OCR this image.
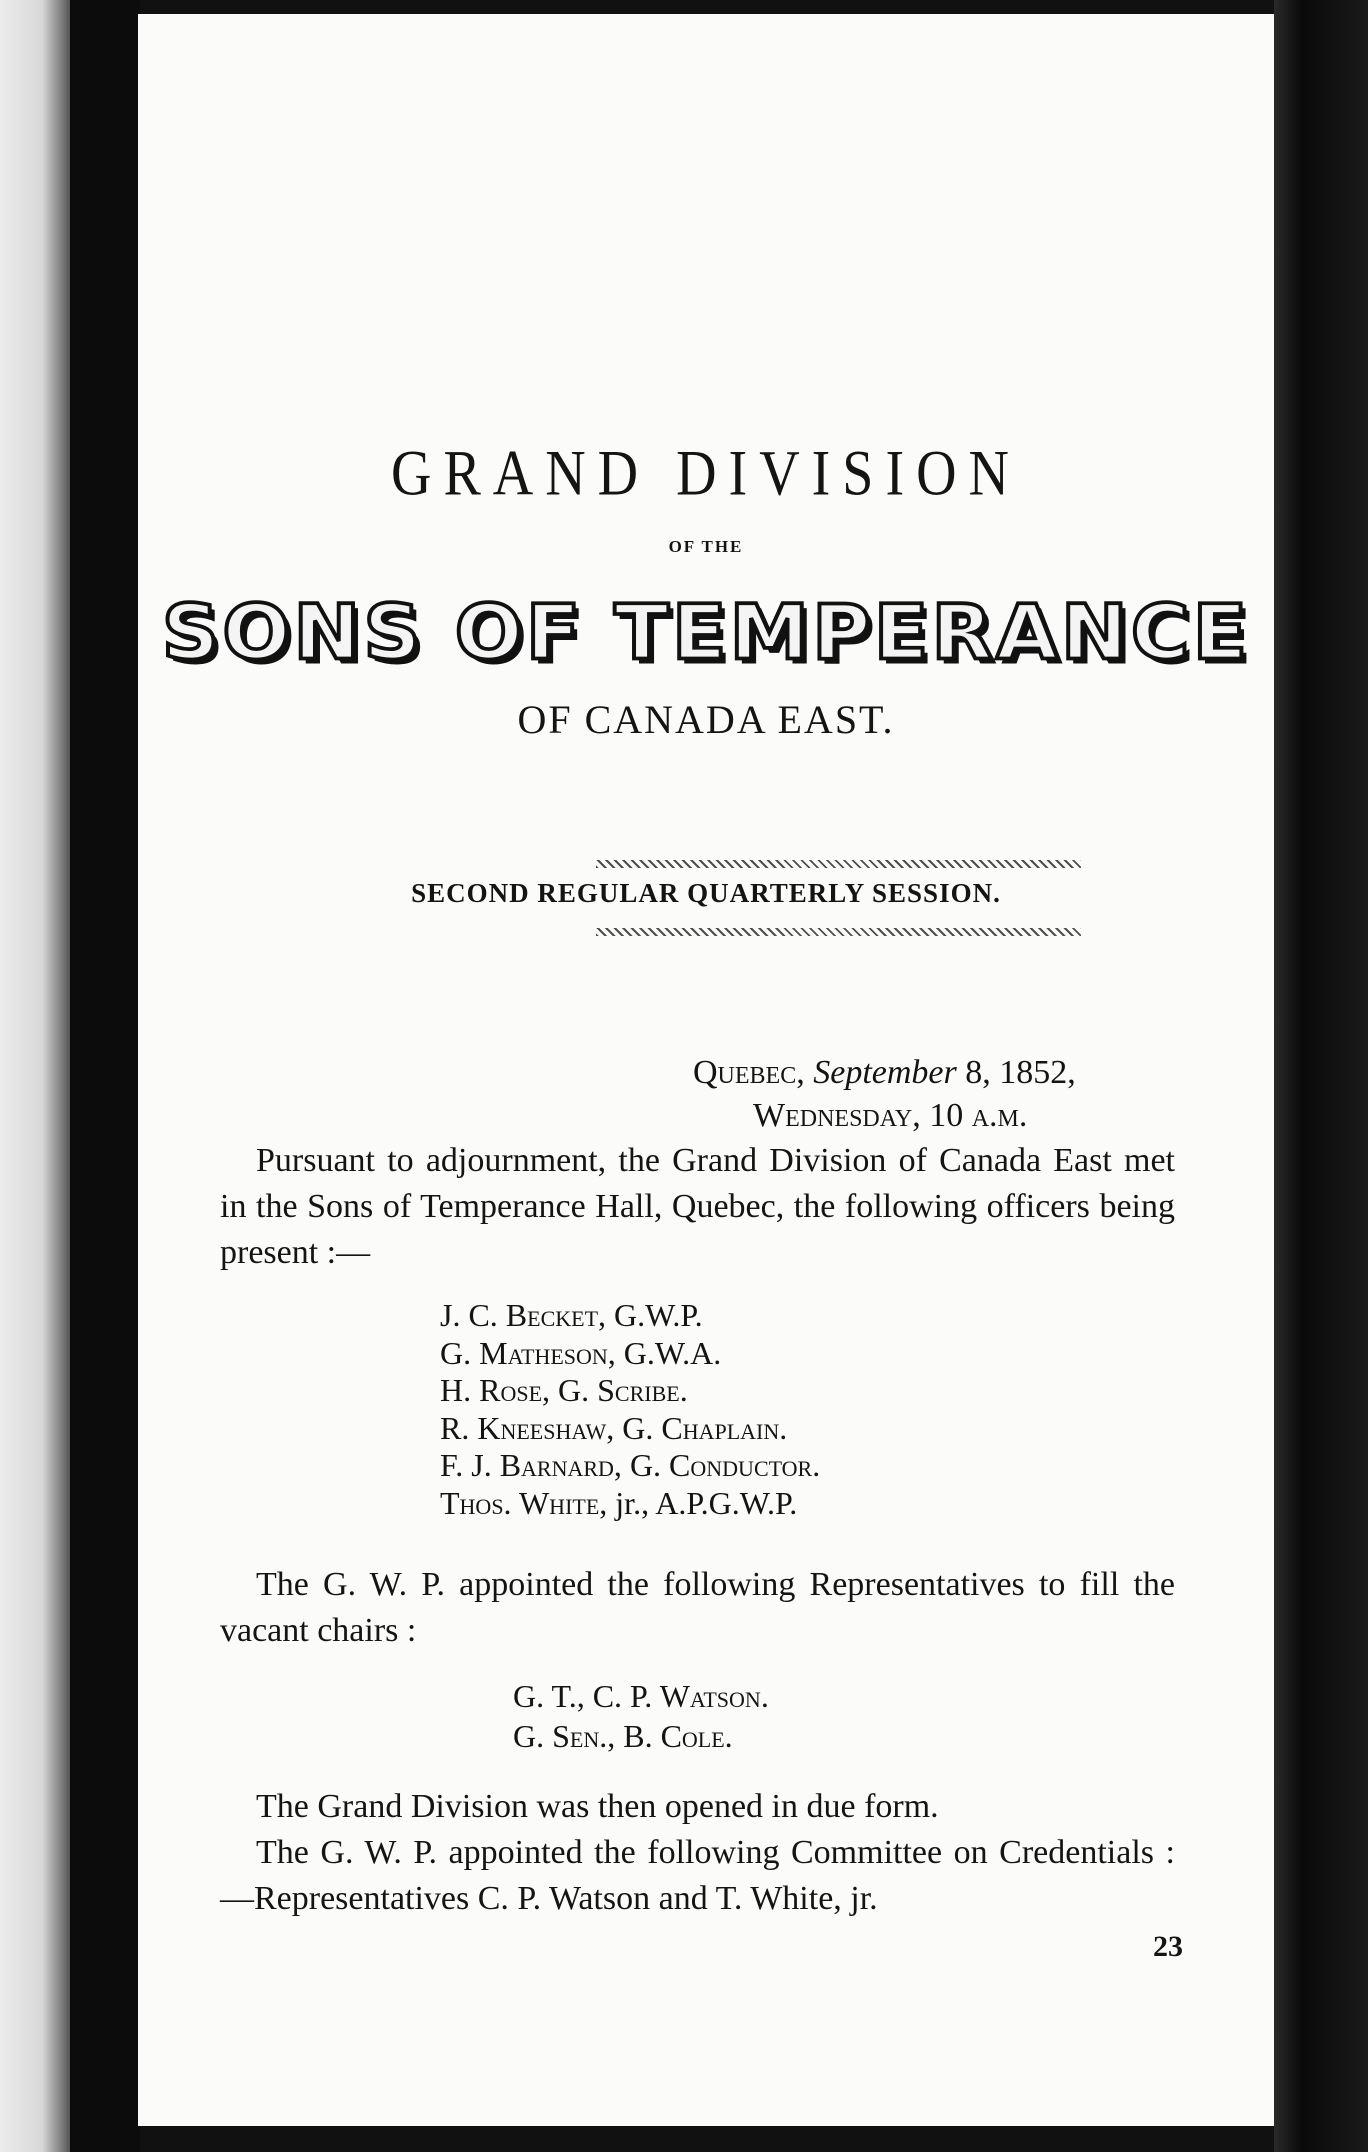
GRAND DIVISION
OF THE
SONS OF TEMPERANCE
OF CANADA EAST.
SECOND REGULAR QUARTERLY SESSION.
Quebec, September 8, 1852,
Wednesday, 10 a.m.
Pursuant to adjournment, the Grand Division of Canada East met in the Sons of Temperance Hall, Quebec, the following officers being present :—
J. C. Becket, G.W.P.
G. Matheson, G.W.A.
H. Rose, G. Scribe.
R. Kneeshaw, G. Chaplain.
F. J. Barnard, G. Conductor.
Thos. White, jr., A.P.G.W.P.
The G. W. P. appointed the following Representatives to fill the vacant chairs :
G. T., C. P. Watson.
G. Sen., B. Cole.
The Grand Division was then opened in due form.
The G. W. P. appointed the following Committee on Credentials :—Representatives C. P. Watson and T. White, jr.
23
